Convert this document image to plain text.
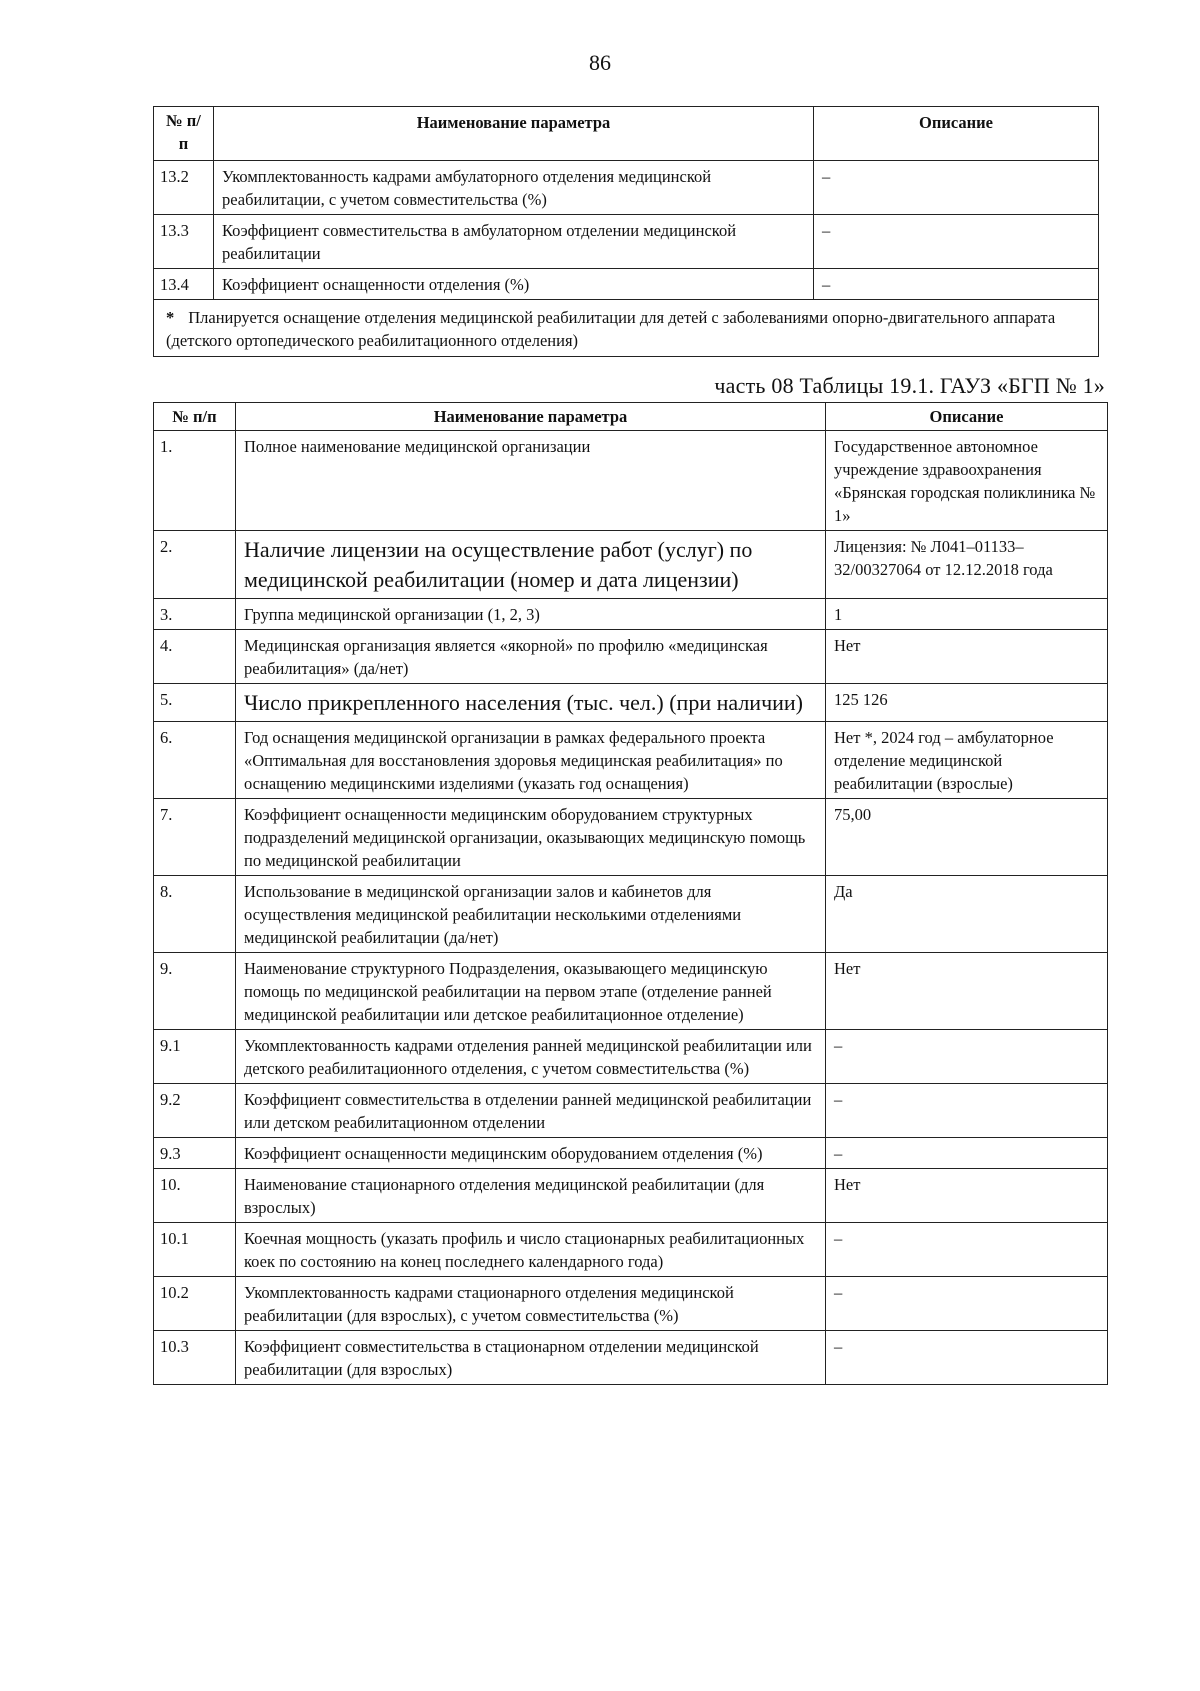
86
№ п/п	Наименование параметра	Описание
13.2	Укомплектованность кадрами амбулаторного отделения медицинской реабилитации, с учетом совместительства (%)	–
13.3	Коэффициент совместительства в амбулаторном отделении медицинской реабилитации	–
13.4	Коэффициент оснащенности отделения (%)	–
* Планируется оснащение отделения медицинской реабилитации для детей с заболеваниями опорно-двигательного аппарата (детского ортопедического реабилитационного отделения)		
часть 08 Таблицы 19.1. ГАУЗ «БГП № 1»
№ п/п	Наименование параметра	Описание
1.	Полное наименование медицинской организации	Государственное автономное учреждение здравоохранения «Брянская городская поликлиника № 1»
2.	Наличие лицензии на осуществление работ (услуг) по медицинской реабилитации (номер и дата лицензии)	Лицензия: № Л041–01133–32/00327064 от 12.12.2018 года
3.	Группа медицинской организации (1, 2, 3)	1
4.	Медицинская организация является «якорной» по профилю «медицинская реабилитация» (да/нет)	Нет
5.	Число прикрепленного населения (тыс. чел.) (при наличии)	125 126
6.	Год оснащения медицинской организации в рамках федерального проекта «Оптимальная для восстановления здоровья медицинская реабилитация» по оснащению медицинскими изделиями (указать год оснащения)	Нет *, 2024 год – амбулаторное отделение медицинской реабилитации (взрослые)
7.	Коэффициент оснащенности медицинским оборудованием структурных подразделений медицинской организации, оказывающих медицинскую помощь по медицинской реабилитации	75,00
8.	Использование в медицинской организации залов и кабинетов для осуществления медицинской реабилитации несколькими отделениями медицинской реабилитации (да/нет)	Да
9.	Наименование структурного Подразделения, оказывающего медицинскую помощь по медицинской реабилитации на первом этапе (отделение ранней медицинской реабилитации или детское реабилитационное отделение)	Нет
9.1	Укомплектованность кадрами отделения ранней медицинской реабилитации или детского реабилитационного отделения, с учетом совместительства (%)	–
9.2	Коэффициент совместительства в отделении ранней медицинской реабилитации или детском реабилитационном отделении	–
9.3	Коэффициент оснащенности медицинским оборудованием отделения (%)	–
10.	Наименование стационарного отделения медицинской реабилитации (для взрослых)	Нет
10.1	Коечная мощность (указать профиль и число стационарных реабилитационных коек по состоянию на конец последнего календарного года)	–
10.2	Укомплектованность кадрами стационарного отделения медицинской реабилитации (для взрослых), с учетом совместительства (%)	–
10.3	Коэффициент совместительства в стационарном отделении медицинской реабилитации (для взрослых)	–
